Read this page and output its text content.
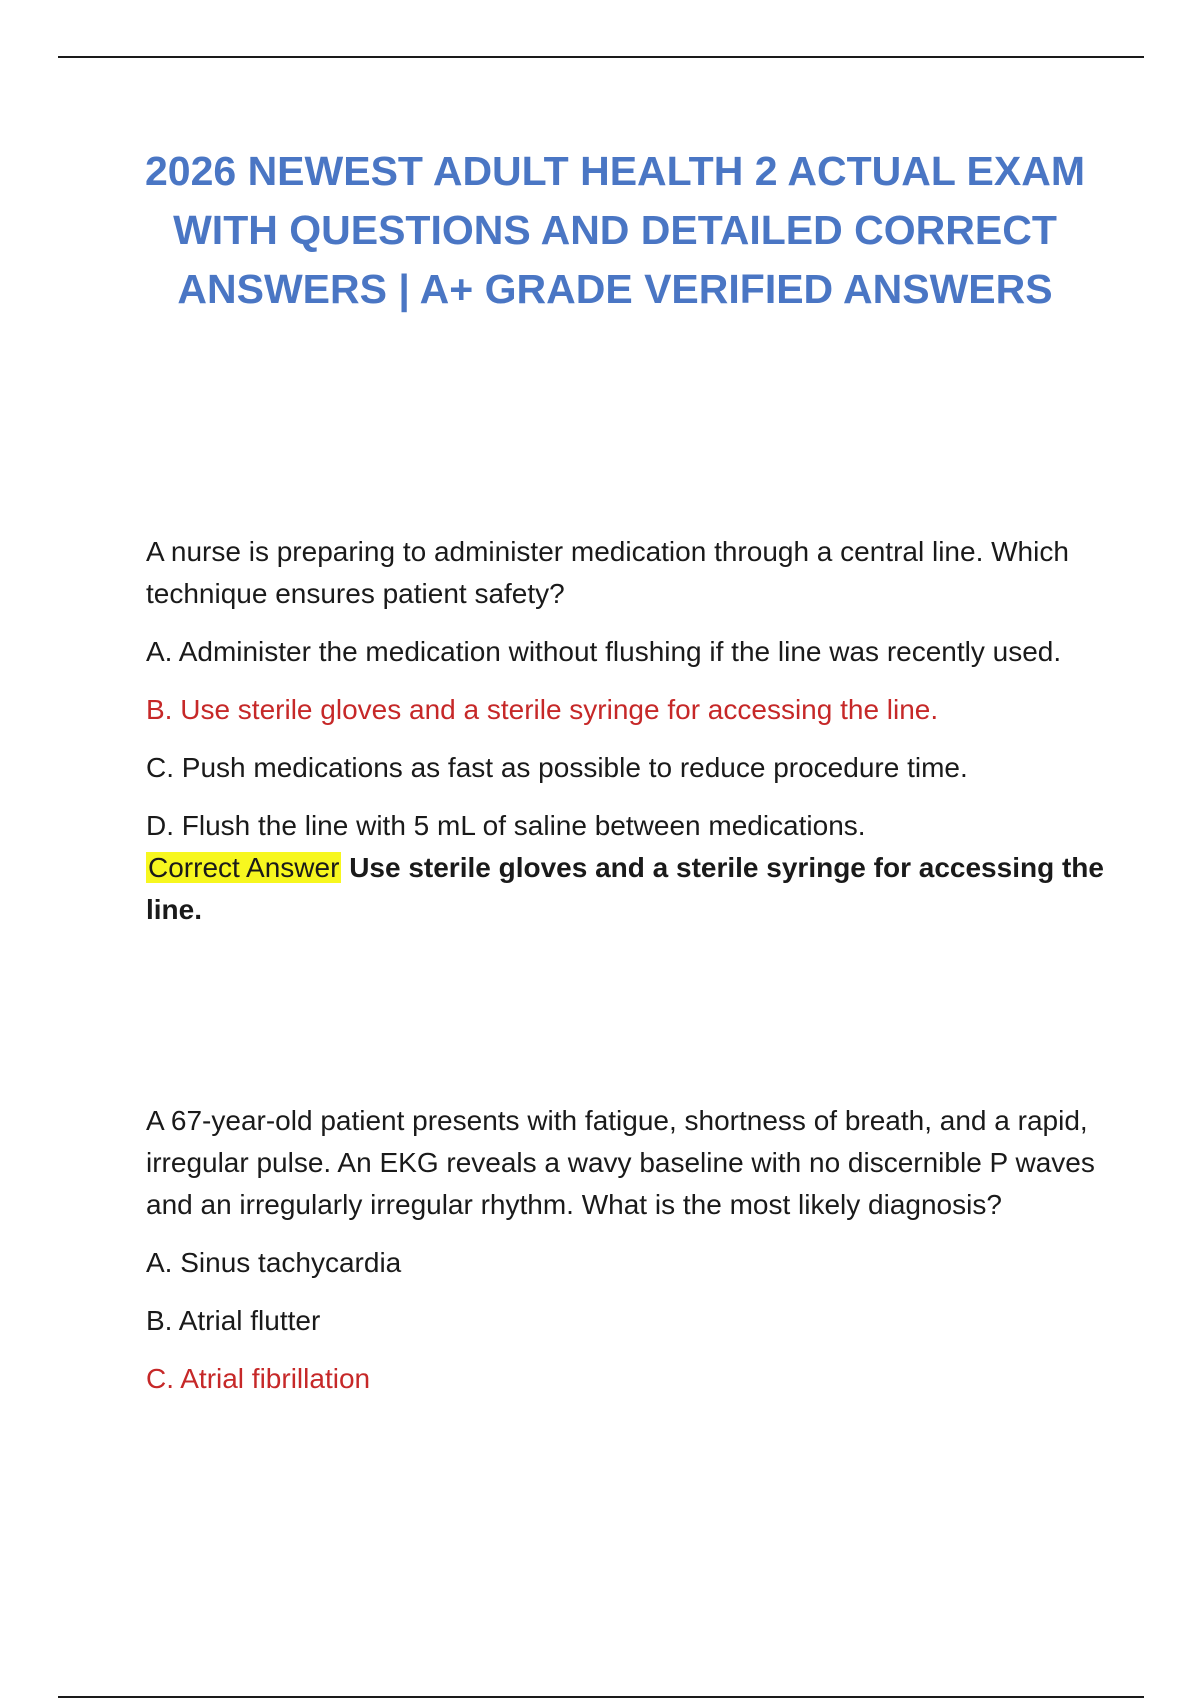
2026 NEWEST ADULT HEALTH 2 ACTUAL EXAM WITH QUESTIONS AND DETAILED CORRECT ANSWERS | A+ GRADE VERIFIED ANSWERS

A nurse is preparing to administer medication through a central line. Which technique ensures patient safety?

A. Administer the medication without flushing if the line was recently used.

B. Use sterile gloves and a sterile syringe for accessing the line.

C. Push medications as fast as possible to reduce procedure time.

D. Flush the line with 5 mL of saline between medications.

Correct Answer Use sterile gloves and a sterile syringe for accessing the line.

A 67-year-old patient presents with fatigue, shortness of breath, and a rapid, irregular pulse. An EKG reveals a wavy baseline with no discernible P waves and an irregularly irregular rhythm. What is the most likely diagnosis?

A. Sinus tachycardia

B. Atrial flutter

C. Atrial fibrillation
